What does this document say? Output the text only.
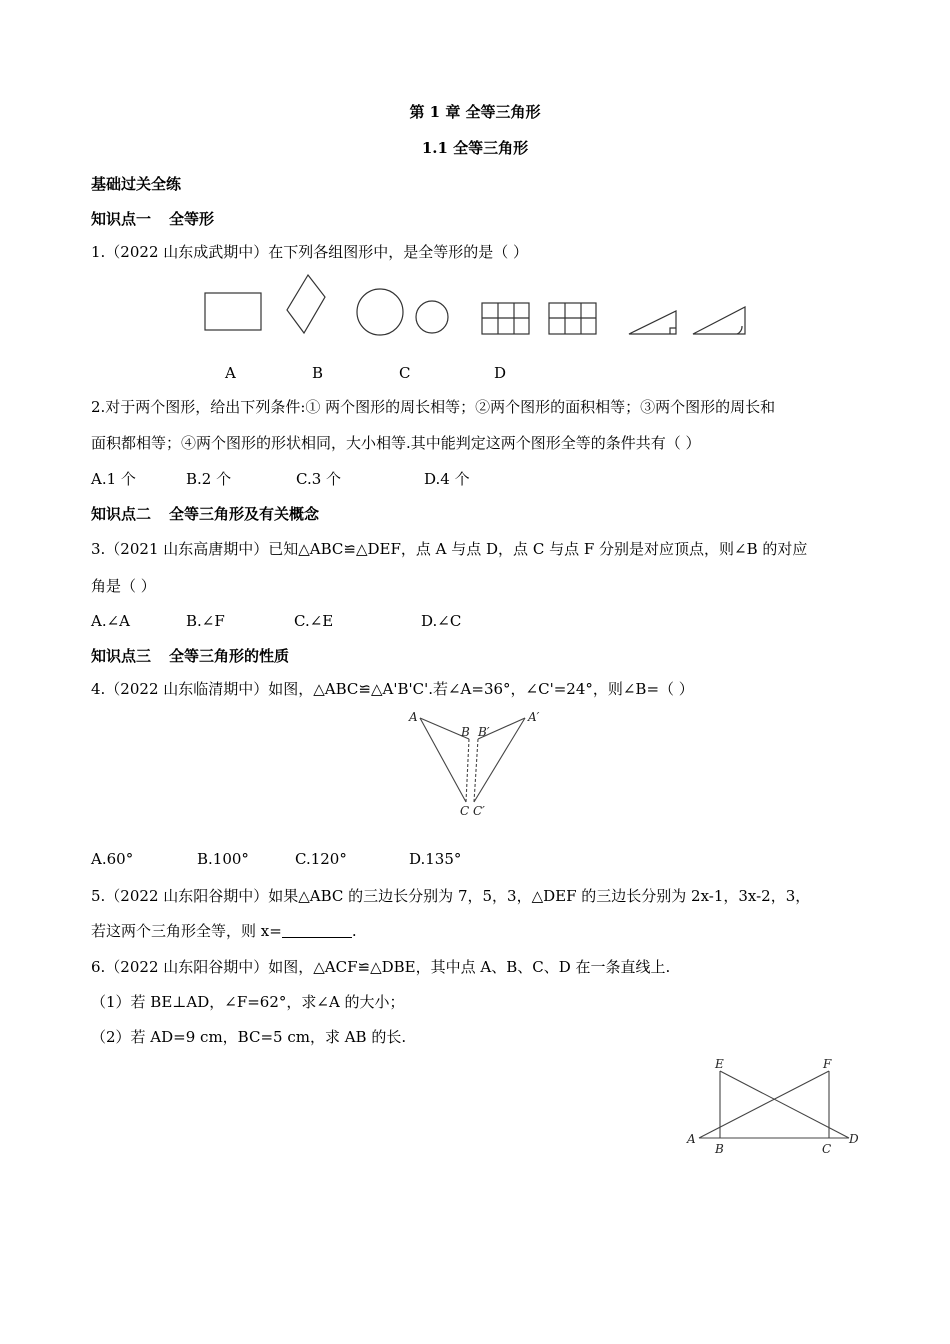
第 1 章 全等三角形
1.1 全等三角形
基础过关全练
知识点一 全等形
1.（2022 山东成武期中）在下列各组图形中，是全等形的是（ ）
A	B	C	D
2.对于两个图形，给出下列条件:① 两个图形的周长相等；②两个图形的面积相等；③两个图形的周长和
面积都相等；④两个图形的形状相同，大小相等.其中能判定这两个图形全等的条件共有（ ）
A.1 个	B.2 个	C.3 个	D.4 个
知识点二 全等三角形及有关概念
3.（2021 山东高唐期中）已知△ABC≌△DEF，点 A 与点 D，点 C 与点 F 分别是对应顶点，则∠B 的对应
角是（ ）
A.∠A	B.∠F	C.∠E	D.∠C
知识点三 全等三角形的性质
4.（2022 山东临清期中）如图，△ABC≌△A'B'C'.若∠A=36°，∠C'=24°，则∠B=（ ）
A
B B′
A′
C C′
A.60°	B.100°	C.120°	D.135°
5.（2022 山东阳谷期中）如果△ABC 的三边长分别为 7，5，3，△DEF 的三边长分别为 2x-1，3x-2，3，
若这两个三角形全等，则 x=	.
6.（2022 山东阳谷期中）如图，△ACF≌△DBE，其中点 A、B、C、D 在一条直线上.
（1）若 BE⊥AD，∠F=62°，求∠A 的大小；
（2）若 AD=9 cm，BC=5 cm，求 AB 的长.
E	F
A
B	C
D
